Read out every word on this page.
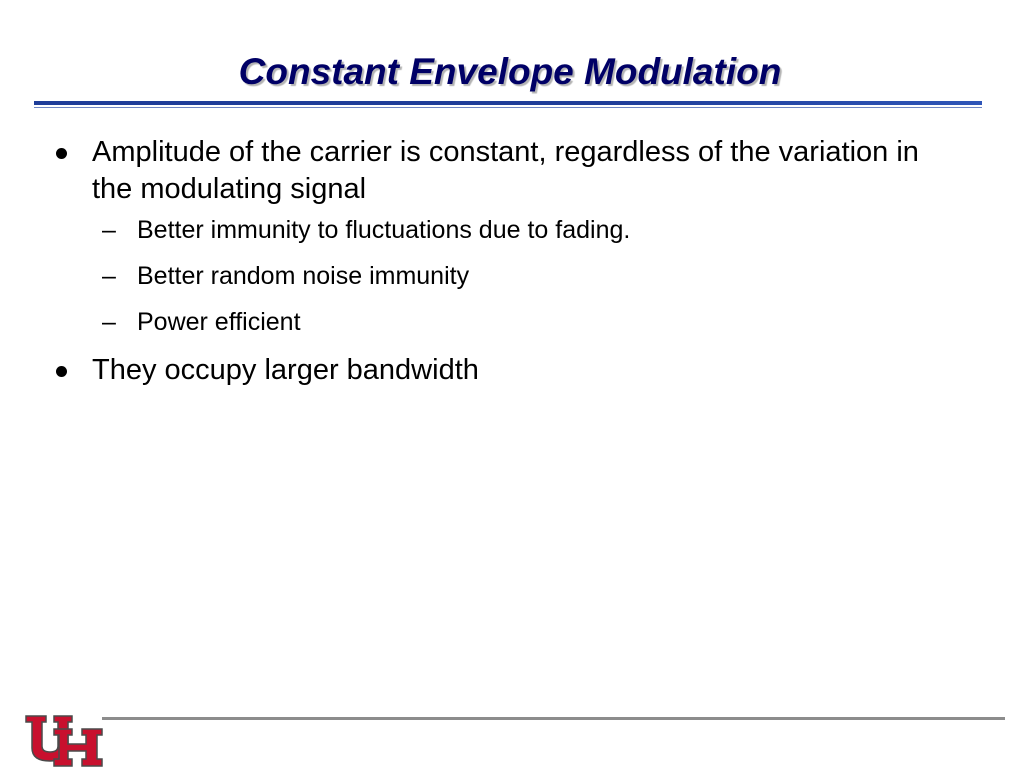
Constant Envelope Modulation
Amplitude of the carrier is constant, regardless of the variation in the modulating signal
– Better immunity to fluctuations due to fading.
– Better random noise immunity
– Power efficient
They occupy larger bandwidth
